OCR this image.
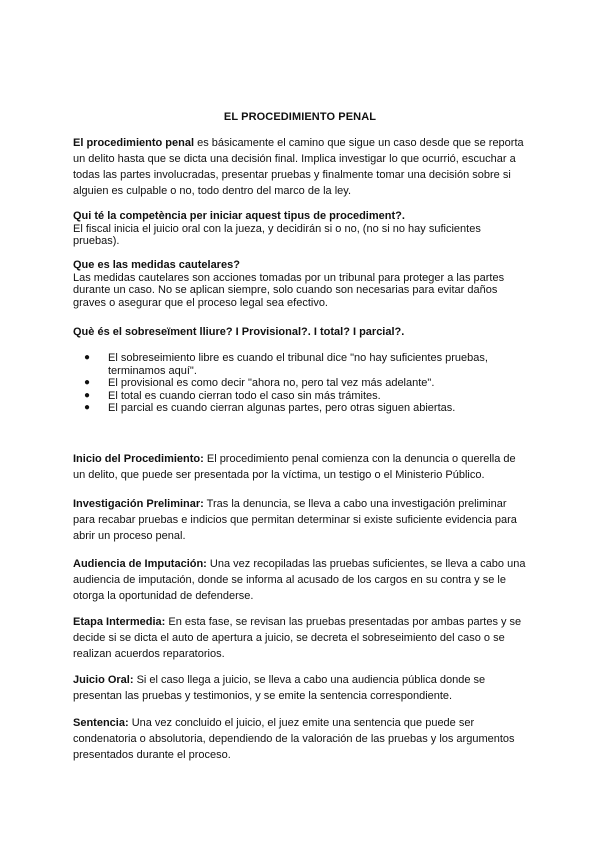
EL PROCEDIMIENTO PENAL
El procedimiento penal es básicamente el camino que sigue un caso desde que se reporta un delito hasta que se dicta una decisión final. Implica investigar lo que ocurrió, escuchar a todas las partes involucradas, presentar pruebas y finalmente tomar una decisión sobre si alguien es culpable o no, todo dentro del marco de la ley.
Qui té la competència per iniciar aquest tipus de procediment?.
El fiscal inicia el juicio oral con la jueza, y decidirán si o no, (no si no hay suficientes pruebas).
Que es las medidas cautelares?
Las medidas cautelares son acciones tomadas por un tribunal para proteger a las partes durante un caso. No se aplican siempre, solo cuando son necesarias para evitar daños graves o asegurar que el proceso legal sea efectivo.
Què és el sobreseïment lliure? I Provisional?. I total? I parcial?.
● El sobreseimiento libre es cuando el tribunal dice "no hay suficientes pruebas, terminamos aquí".
● El provisional es como decir "ahora no, pero tal vez más adelante".
● El total es cuando cierran todo el caso sin más trámites.
● El parcial es cuando cierran algunas partes, pero otras siguen abiertas.
Inicio del Procedimiento: El procedimiento penal comienza con la denuncia o querella de un delito, que puede ser presentada por la víctima, un testigo o el Ministerio Público.
Investigación Preliminar: Tras la denuncia, se lleva a cabo una investigación preliminar para recabar pruebas e indicios que permitan determinar si existe suficiente evidencia para abrir un proceso penal.
Audiencia de Imputación: Una vez recopiladas las pruebas suficientes, se lleva a cabo una audiencia de imputación, donde se informa al acusado de los cargos en su contra y se le otorga la oportunidad de defenderse.
Etapa Intermedia: En esta fase, se revisan las pruebas presentadas por ambas partes y se decide si se dicta el auto de apertura a juicio, se decreta el sobreseimiento del caso o se realizan acuerdos reparatorios.
Juicio Oral: Si el caso llega a juicio, se lleva a cabo una audiencia pública donde se presentan las pruebas y testimonios, y se emite la sentencia correspondiente.
Sentencia: Una vez concluido el juicio, el juez emite una sentencia que puede ser condenatoria o absolutoria, dependiendo de la valoración de las pruebas y los argumentos presentados durante el proceso.
